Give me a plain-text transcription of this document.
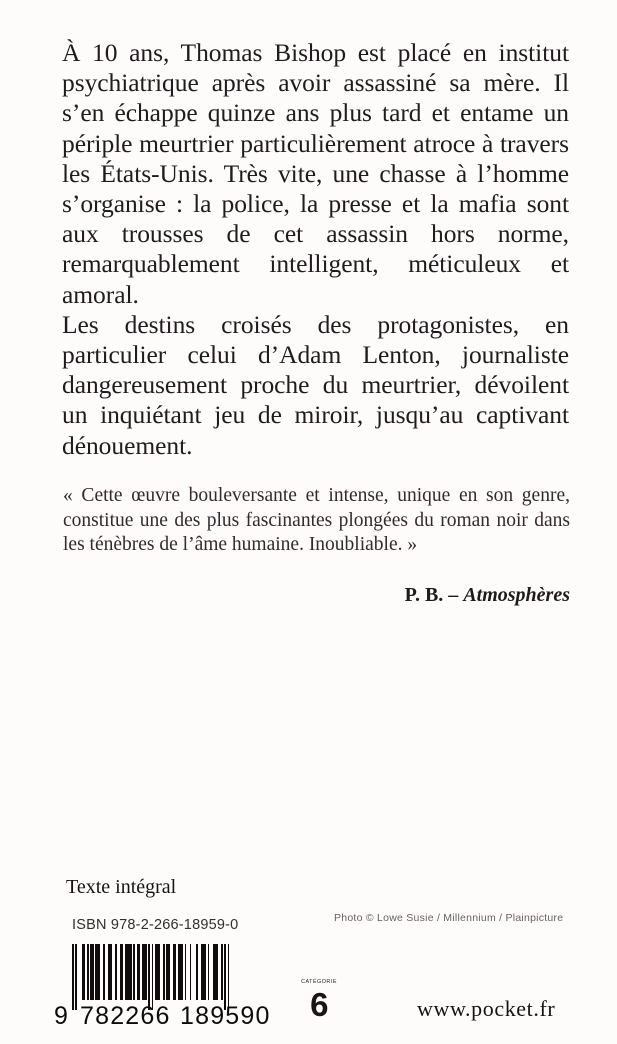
À 10 ans, Thomas Bishop est placé en institut psychiatrique après avoir assassiné sa mère. Il s’en échappe quinze ans plus tard et entame un périple meurtrier particulièrement atroce à travers les États-Unis. Très vite, une chasse à l’homme s’organise : la police, la presse et la mafia sont aux trousses de cet assassin hors norme, remarquablement intelligent, méticuleux et amoral.

Les destins croisés des protagonistes, en particulier celui d’Adam Lenton, journaliste dangereusement proche du meurtrier, dévoilent un inquiétant jeu de miroir, jusqu’au captivant dénouement.

« Cette œuvre bouleversante et intense, unique en son genre, constitue une des plus fascinantes plongées du roman noir dans les ténèbres de l’âme humaine. Inoubliable. »

P. B. – Atmosphères
Texte intégral
ISBN 978-2-266-18959-0	Photo © Lowe Susie / Millennium / Plainpicture
9 782266 189590
CATÉGORIE
6	www.pocket.fr
